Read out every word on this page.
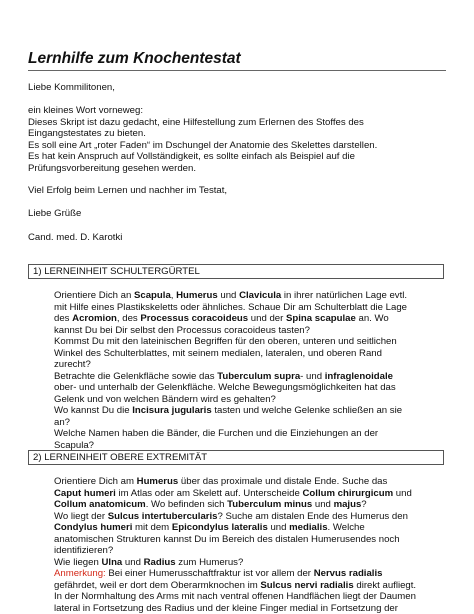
Lernhilfe zum Knochentestat

Liebe Kommilitonen,

ein kleines Wort vorneweg:

Dieses Skript ist dazu gedacht, eine Hilfestellung zum Erlernen des Stoffes des

Eingangstestates zu bieten.

Es soll eine Art „roter Faden“ im Dschungel der Anatomie des Skelettes darstellen.

Es hat kein Anspruch auf Vollständigkeit, es sollte einfach als Beispiel auf die

Prüfungsvorbereitung gesehen werden.

Viel Erfolg beim Lernen und nachher im Testat,

Liebe Grüße

Cand. med. D. Karotki

1) LERNEINHEIT SCHULTERGÜRTEL

Orientiere Dich an Scapula, Humerus und Clavicula in ihrer natürlichen Lage evtl.

mit Hilfe eines Plastikskeletts oder ähnliches. Schaue Dir am Schulterblatt die Lage

des Acromion, des Processus coracoideus und der Spina scapulae an. Wo

kannst Du bei Dir selbst den Processus coracoideus tasten?

Kommst Du mit den lateinischen Begriffen für den oberen, unteren und seitlichen

Winkel des Schulterblattes, mit seinem medialen, lateralen, und oberen Rand

zurecht?

Betrachte die Gelenkfläche sowie das Tuberculum supra- und infraglenoidale

ober- und unterhalb der Gelenkfläche. Welche Bewegungsmöglichkeiten hat das

Gelenk und von welchen Bändern wird es gehalten?

Wo kannst Du die Incisura jugularis tasten und welche Gelenke schließen an sie

an?

Welche Namen haben die Bänder, die Furchen und die Einziehungen an der

Scapula?

2) LERNEINHEIT OBERE EXTREMITÄT

Orientiere Dich am Humerus über das proximale und distale Ende. Suche das

Caput humeri im Atlas oder am Skelett auf. Unterscheide Collum chirurgicum und

Collum anatomicum. Wo befinden sich Tuberculum minus und majus?

Wo liegt der Sulcus intertubercularis? Suche am distalen Ende des Humerus den

Condylus humeri mit dem Epicondylus lateralis und medialis. Welche

anatomischen Strukturen kannst Du im Bereich des distalen Humerusendes noch

identifizieren?

Wie liegen Ulna und Radius zum Humerus?

Anmerkung: Bei einer Humerusschaftfraktur ist vor allem der Nervus radialis

gefährdet, weil er dort dem Oberarmknochen im Sulcus nervi radialis direkt aufliegt.

In der Normhaltung des Arms mit nach ventral offenen Handflächen liegt der Daumen

lateral in Fortsetzung des Radius und der kleine Finger medial in Fortsetzung der
